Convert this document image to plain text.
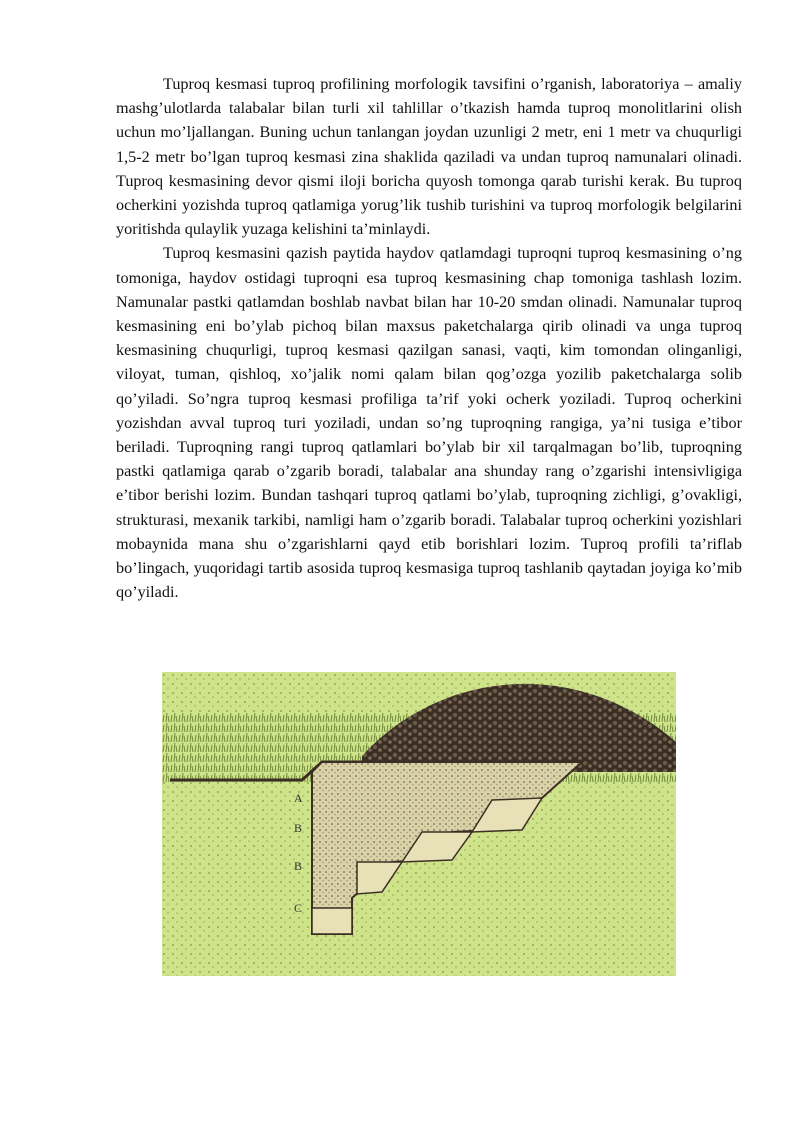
Tuproq kesmasi tuproq profilining morfologik tavsifini o’rganish, laboratoriya – amaliy mashg’ulotlarda talabalar bilan turli xil tahlillar o’tkazish hamda tuproq monolitlarini olish uchun mo’ljallangan. Buning uchun tanlangan joydan uzunligi 2 metr, eni 1 metr va chuqurligi 1,5-2 metr bo’lgan tuproq kesmasi zina shaklida qaziladi va undan tuproq namunalari olinadi. Tuproq kesmasining devor qismi iloji boricha quyosh tomonga qarab turishi kerak. Bu tuproq ocherkini yozishda tuproq qatlamiga yorug’lik tushib turishini va tuproq morfologik belgilarini yoritishda qulaylik yuzaga kelishini ta’minlaydi.

Tuproq kesmasini qazish paytida haydov qatlamdagi tuproqni tuproq kesmasining o’ng tomoniga, haydov ostidagi tuproqni esa tuproq kesmasining chap tomoniga tashlash lozim. Namunalar pastki qatlamdan boshlab navbat bilan har 10-20 smdan olinadi. Namunalar tuproq kesmasining eni bo’ylab pichoq bilan maxsus paketchalarga qirib olinadi va unga tuproq kesmasining chuqurligi, tuproq kesmasi qazilgan sanasi, vaqti, kim tomondan olinganligi, viloyat, tuman, qishloq, xo’jalik nomi qalam bilan qog’ozga yozilib paketchalarga solib qo’yiladi. So’ngra tuproq kesmasi profiliga ta’rif yoki ocherk yoziladi. Tuproq ocherkini yozishdan avval tuproq turi yoziladi, undan so’ng tuproqning rangiga, ya’ni tusiga e’tibor beriladi. Tuproqning rangi tuproq qatlamlari bo’ylab bir xil tarqalmagan bo’lib, tuproqning pastki qatlamiga qarab o’zgarib boradi, talabalar ana shunday rang o’zgarishi intensivligiga e’tibor berishi lozim. Bundan tashqari tuproq qatlami bo’ylab, tuproqning zichligi, g’ovakligi, strukturasi, mexanik tarkibi, namligi ham o’zgarib boradi. Talabalar tuproq ocherkini yozishlari mobaynida mana shu o’zgarishlarni qayd etib borishlari lozim. Tuproq profili ta’riflab bo’lingach, yuqoridagi tartib asosida tuproq kesmasiga tuproq tashlanib qaytadan joyiga ko’mib qo’yiladi.

A
B
B
C
